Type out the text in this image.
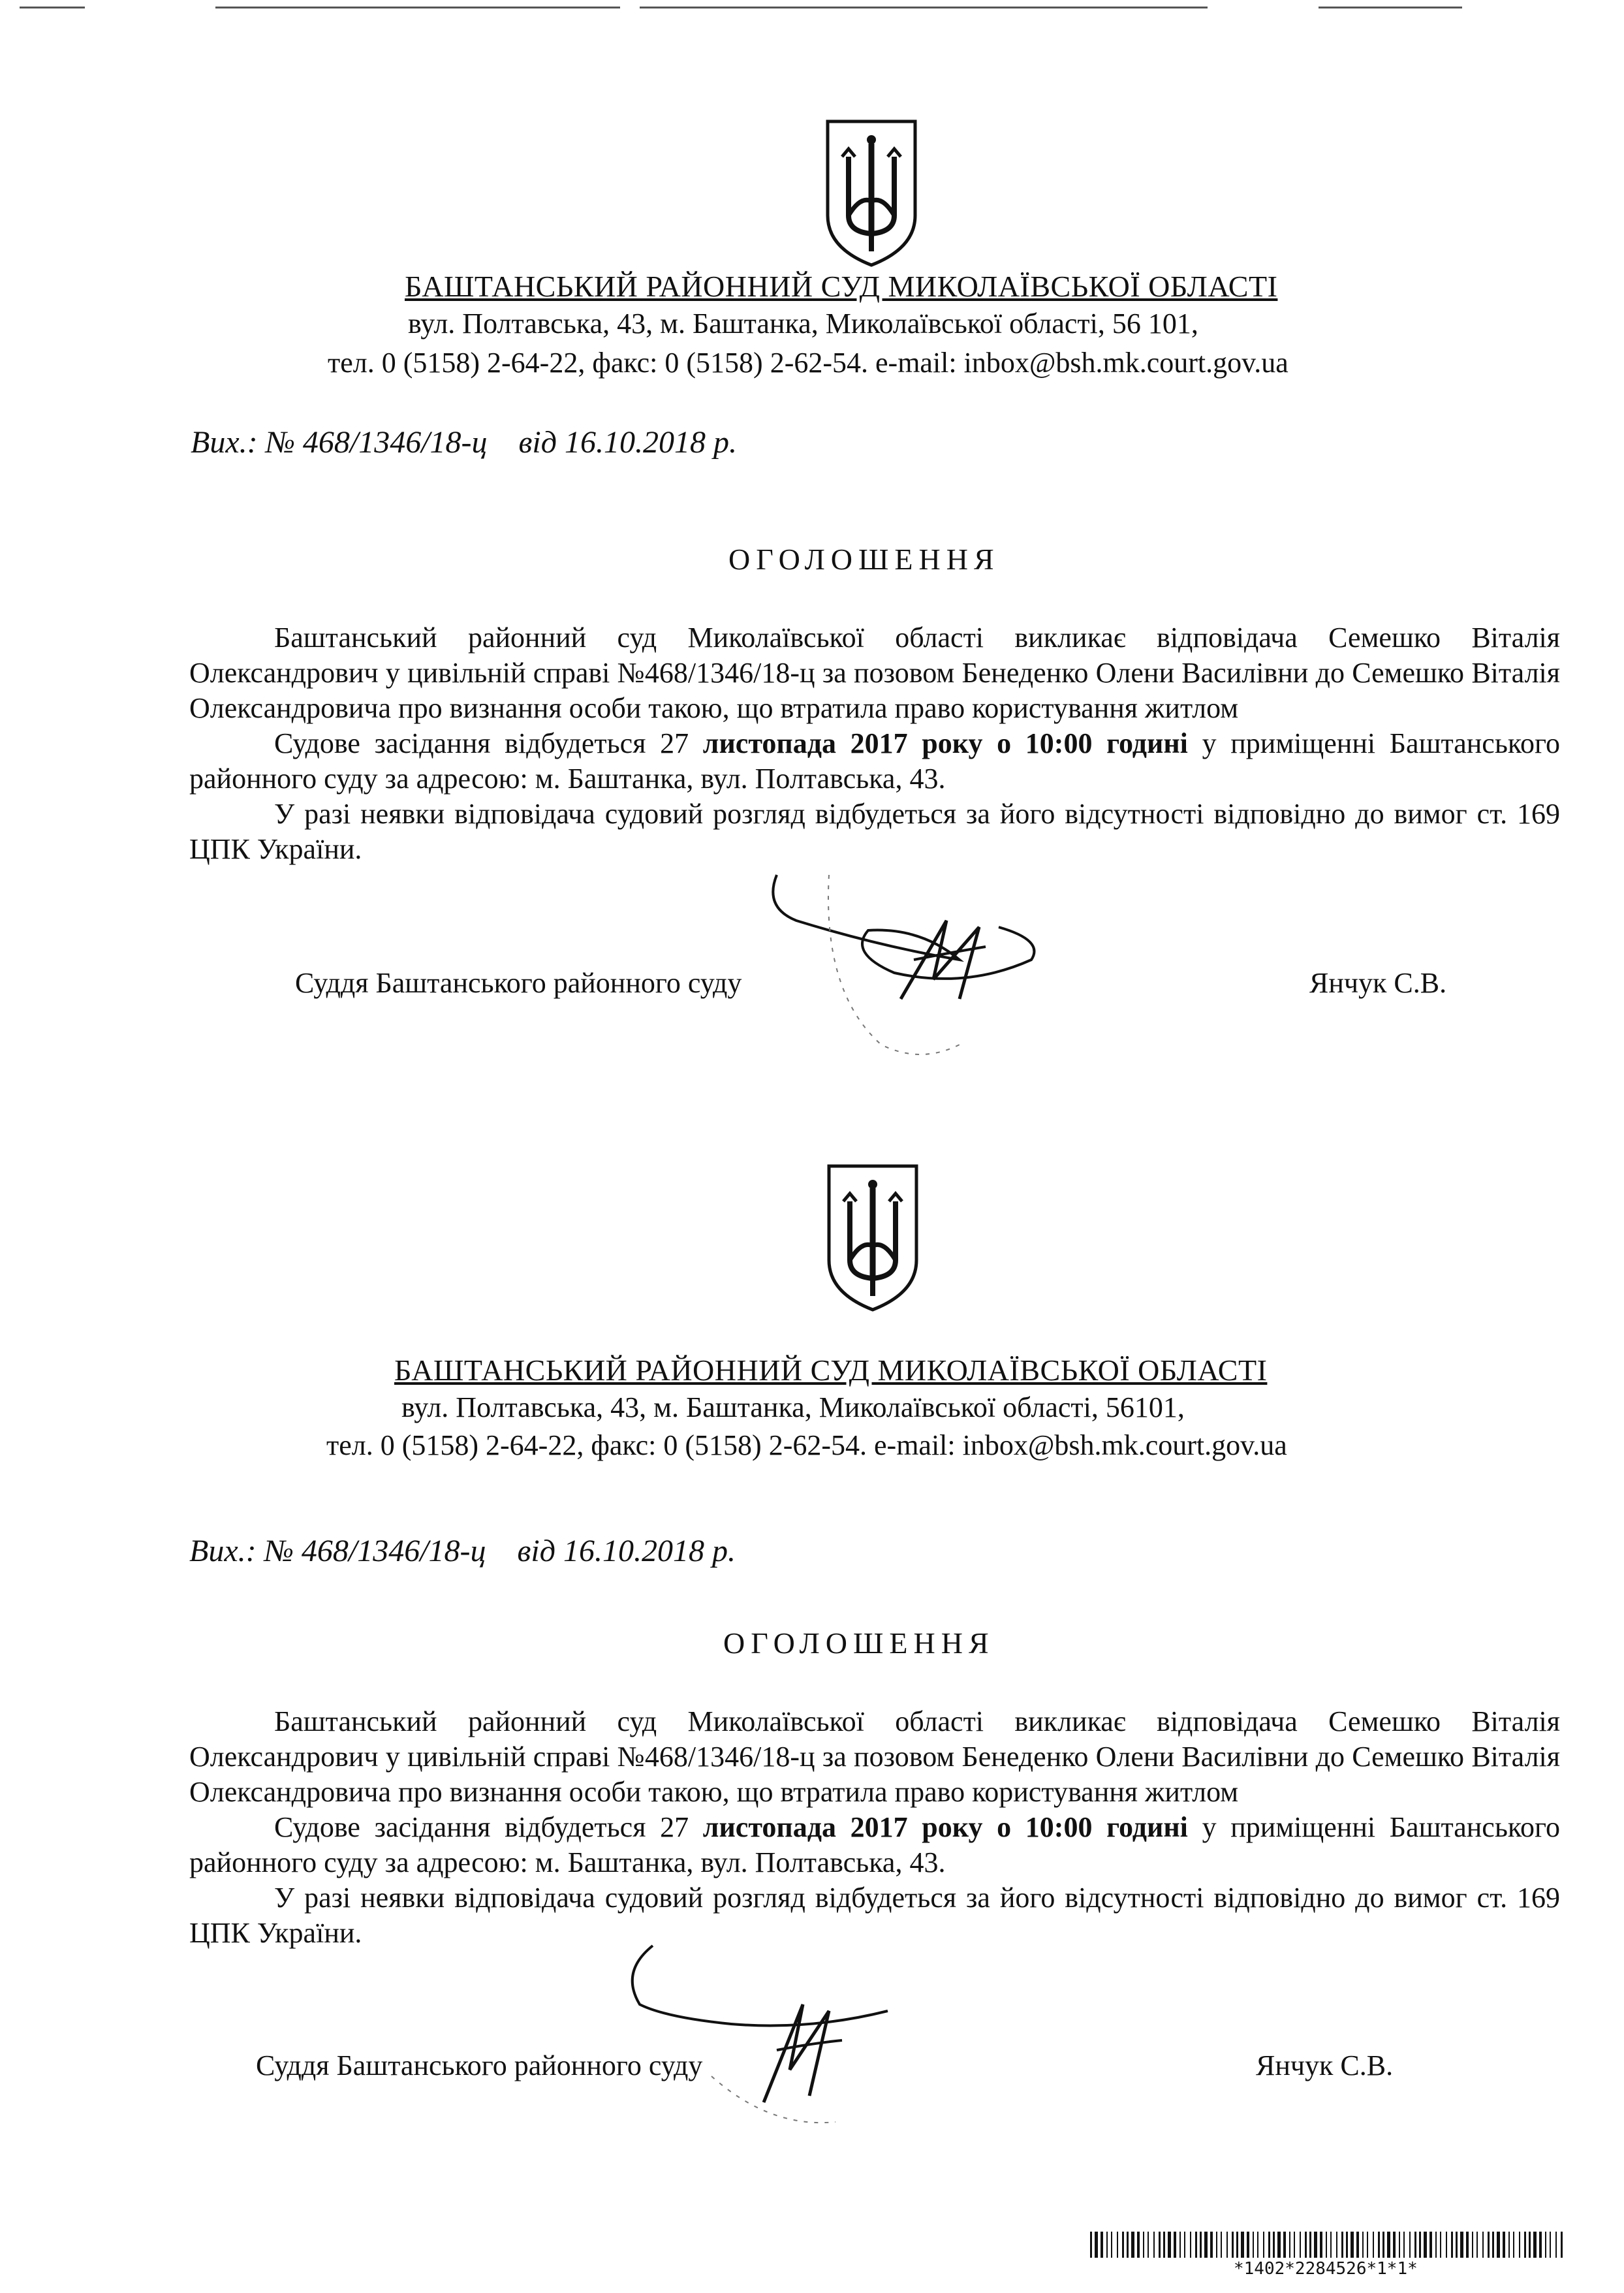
БАШТАНСЬКИЙ РАЙОННИЙ СУД МИКОЛАЇВСЬКОЇ ОБЛАСТІ
вул. Полтавська, 43, м. Баштанка, Миколаївської області, 56 101,
тел. 0 (5158) 2-64-22, факс: 0 (5158) 2-62-54. e-mail: inbox@bsh.mk.court.gov.ua
Вих.: № 468/1346/18-ц від 16.10.2018 р.
ОГОЛОШЕННЯ

Баштанський районний суд Миколаївської області викликає відповідача Семешко Віталія Олександрович у цивільній справі №468/1346/18-ц за позовом Бенеденко Олени Василівни до Семешко Віталія Олександровича про визнання особи такою, що втратила право користування житлом

Судове засідання відбудеться 27 листопада 2017 року о 10:00 годині у приміщенні Баштанського районного суду за адресою: м. Баштанка, вул. Полтавська, 43.

У разі неявки відповідача судовий розгляд відбудеться за його відсутності відповідно до вимог ст. 169 ЦПК України.

Суддя Баштанського районного суду	Янчук С.В.
БАШТАНСЬКИЙ РАЙОННИЙ СУД МИКОЛАЇВСЬКОЇ ОБЛАСТІ
вул. Полтавська, 43, м. Баштанка, Миколаївської області, 56101,
тел. 0 (5158) 2-64-22, факс: 0 (5158) 2-62-54. e-mail: inbox@bsh.mk.court.gov.ua
Вих.: № 468/1346/18-ц від 16.10.2018 р.
ОГОЛОШЕННЯ

Баштанський районний суд Миколаївської області викликає відповідача Семешко Віталія Олександрович у цивільній справі №468/1346/18-ц за позовом Бенеденко Олени Василівни до Семешко Віталія Олександровича про визнання особи такою, що втратила право користування житлом

Судове засідання відбудеться 27 листопада 2017 року о 10:00 годині у приміщенні Баштанського районного суду за адресою: м. Баштанка, вул. Полтавська, 43.

У разі неявки відповідача судовий розгляд відбудеться за його відсутності відповідно до вимог ст. 169 ЦПК України.

Суддя Баштанського районного суду	Янчук С.В.
*1402*2284526*1*1*
